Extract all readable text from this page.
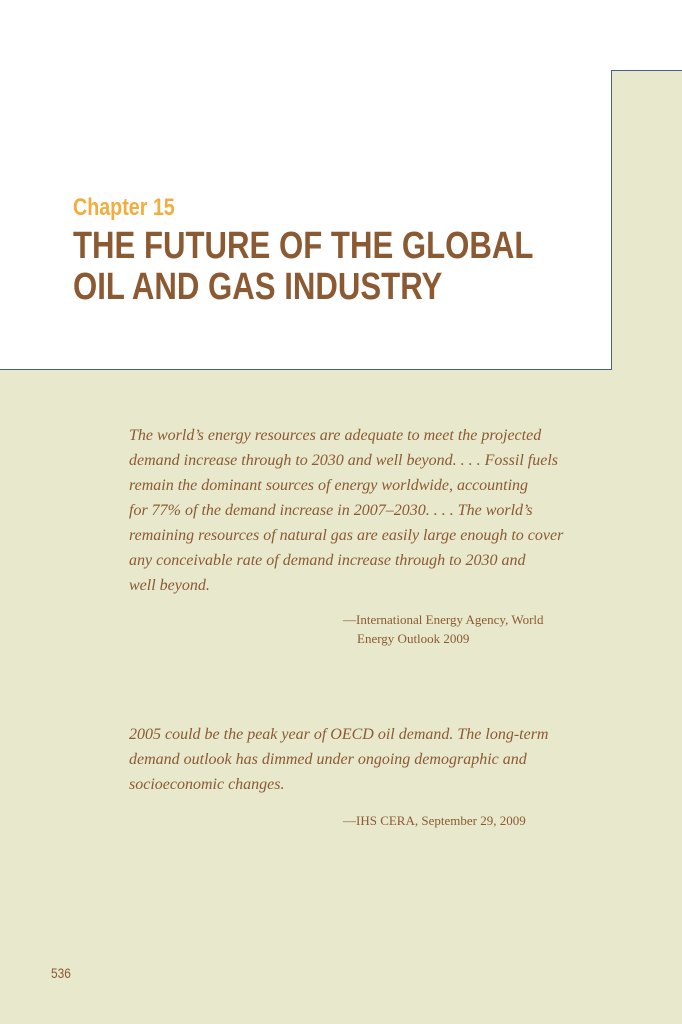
Chapter 15
THE FUTURE OF THE GLOBAL
OIL AND GAS INDUSTRY

The world’s energy resources are adequate to meet the projected
demand increase through to 2030 and well beyond. . . . Fossil fuels
remain the dominant sources of energy worldwide, accounting
for 77% of the demand increase in 2007–2030. . . . The world’s
remaining resources of natural gas are easily large enough to cover
any conceivable rate of demand increase through to 2030 and
well beyond.

—International Energy Agency, World
Energy Outlook 2009

2005 could be the peak year of OECD oil demand. The long-term
demand outlook has dimmed under ongoing demographic and
socioeconomic changes.

—IHS CERA, September 29, 2009

536
